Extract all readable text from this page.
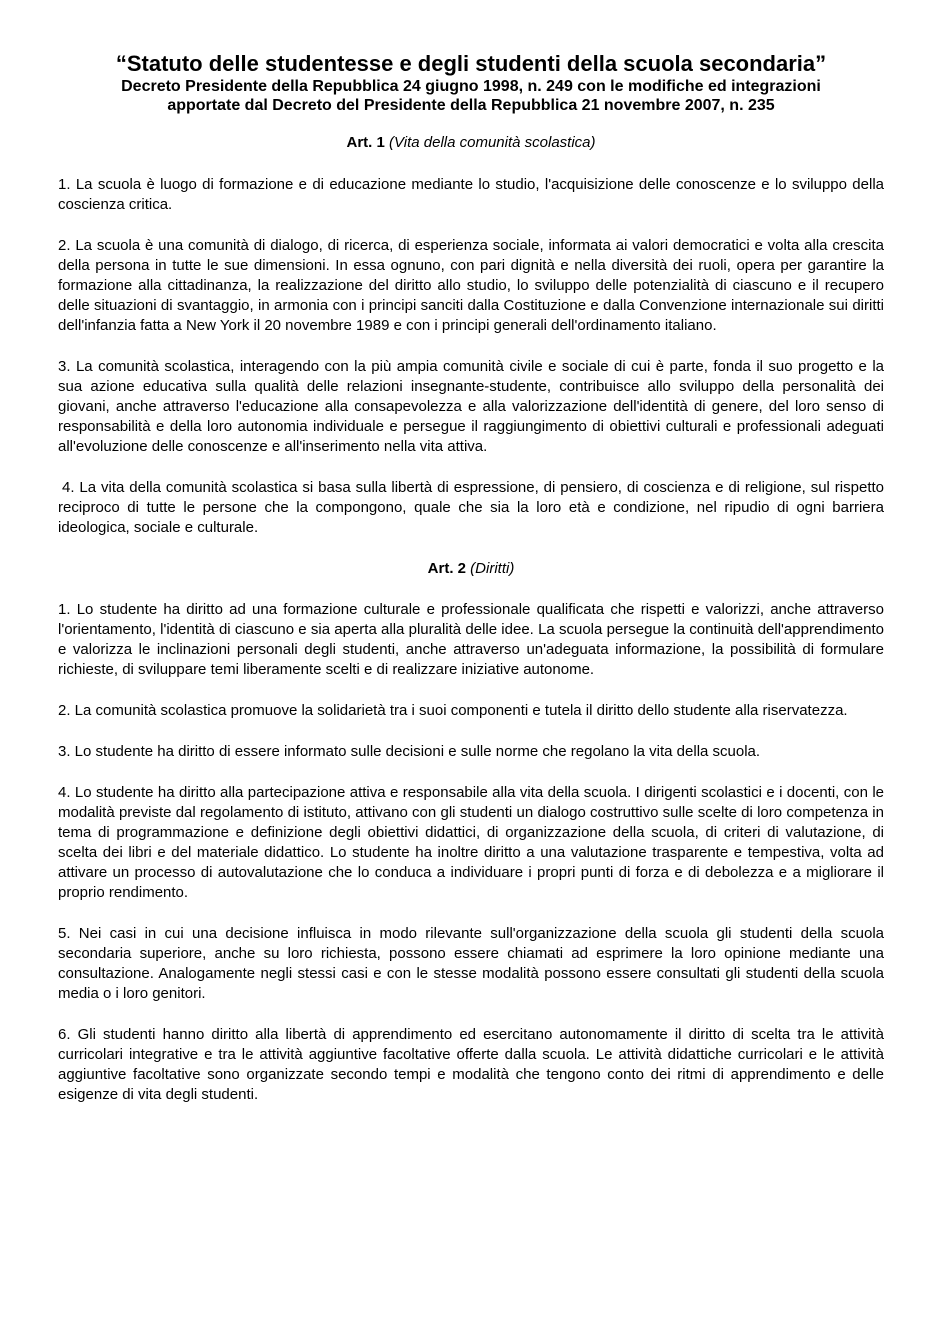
“Statuto delle studentesse e degli studenti della scuola secondaria”

Decreto Presidente della Repubblica 24 giugno 1998, n. 249 con le modifiche ed integrazioni

apportate dal Decreto del Presidente della Repubblica 21 novembre 2007, n. 235

Art. 1 (Vita della comunità scolastica)

1. La scuola è luogo di formazione e di educazione mediante lo studio, l'acquisizione delle conoscenze e lo sviluppo della coscienza critica.

2. La scuola è una comunità di dialogo, di ricerca, di esperienza sociale, informata ai valori democratici e volta alla crescita della persona in tutte le sue dimensioni. In essa ognuno, con pari dignità e nella diversità dei ruoli, opera per garantire la formazione alla cittadinanza, la realizzazione del diritto allo studio, lo sviluppo delle potenzialità di ciascuno e il recupero delle situazioni di svantaggio, in armonia con i principi sanciti dalla Costituzione e dalla Convenzione internazionale sui diritti dell'infanzia fatta a New York il 20 novembre 1989 e con i principi generali dell'ordinamento italiano.

3. La comunità scolastica, interagendo con la più ampia comunità civile e sociale di cui è parte, fonda il suo progetto e la sua azione educativa sulla qualità delle relazioni insegnante-studente, contribuisce allo sviluppo della personalità dei giovani, anche attraverso l'educazione alla consapevolezza e alla valorizzazione dell'identità di genere, del loro senso di responsabilità e della loro autonomia individuale e persegue il raggiungimento di obiettivi culturali e professionali adeguati all'evoluzione delle conoscenze e all'inserimento nella vita attiva.

4. La vita della comunità scolastica si basa sulla libertà di espressione, di pensiero, di coscienza e di religione, sul rispetto reciproco di tutte le persone che la compongono, quale che sia la loro età e condizione, nel ripudio di ogni barriera ideologica, sociale e culturale.

Art. 2 (Diritti)

1. Lo studente ha diritto ad una formazione culturale e professionale qualificata che rispetti e valorizzi, anche attraverso l'orientamento, l'identità di ciascuno e sia aperta alla pluralità delle idee. La scuola persegue la continuità dell'apprendimento e valorizza le inclinazioni personali degli studenti, anche attraverso un'adeguata informazione, la possibilità di formulare richieste, di sviluppare temi liberamente scelti e di realizzare iniziative autonome.

2. La comunità scolastica promuove la solidarietà tra i suoi componenti e tutela il diritto dello studente alla riservatezza.

3. Lo studente ha diritto di essere informato sulle decisioni e sulle norme che regolano la vita della scuola.

4. Lo studente ha diritto alla partecipazione attiva e responsabile alla vita della scuola. I dirigenti scolastici e i docenti, con le modalità previste dal regolamento di istituto, attivano con gli studenti un dialogo costruttivo sulle scelte di loro competenza in tema di programmazione e definizione degli obiettivi didattici, di organizzazione della scuola, di criteri di valutazione, di scelta dei libri e del materiale didattico. Lo studente ha inoltre diritto a una valutazione trasparente e tempestiva, volta ad attivare un processo di autovalutazione che lo conduca a individuare i propri punti di forza e di debolezza e a migliorare il proprio rendimento.

5. Nei casi in cui una decisione influisca in modo rilevante sull'organizzazione della scuola gli studenti della scuola secondaria superiore, anche su loro richiesta, possono essere chiamati ad esprimere la loro opinione mediante una consultazione. Analogamente negli stessi casi e con le stesse modalità possono essere consultati gli studenti della scuola media o i loro genitori.

6. Gli studenti hanno diritto alla libertà di apprendimento ed esercitano autonomamente il diritto di scelta tra le attività curricolari integrative e tra le attività aggiuntive facoltative offerte dalla scuola. Le attività didattiche curricolari e le attività aggiuntive facoltative sono organizzate secondo tempi e modalità che tengono conto dei ritmi di apprendimento e delle esigenze di vita degli studenti.
